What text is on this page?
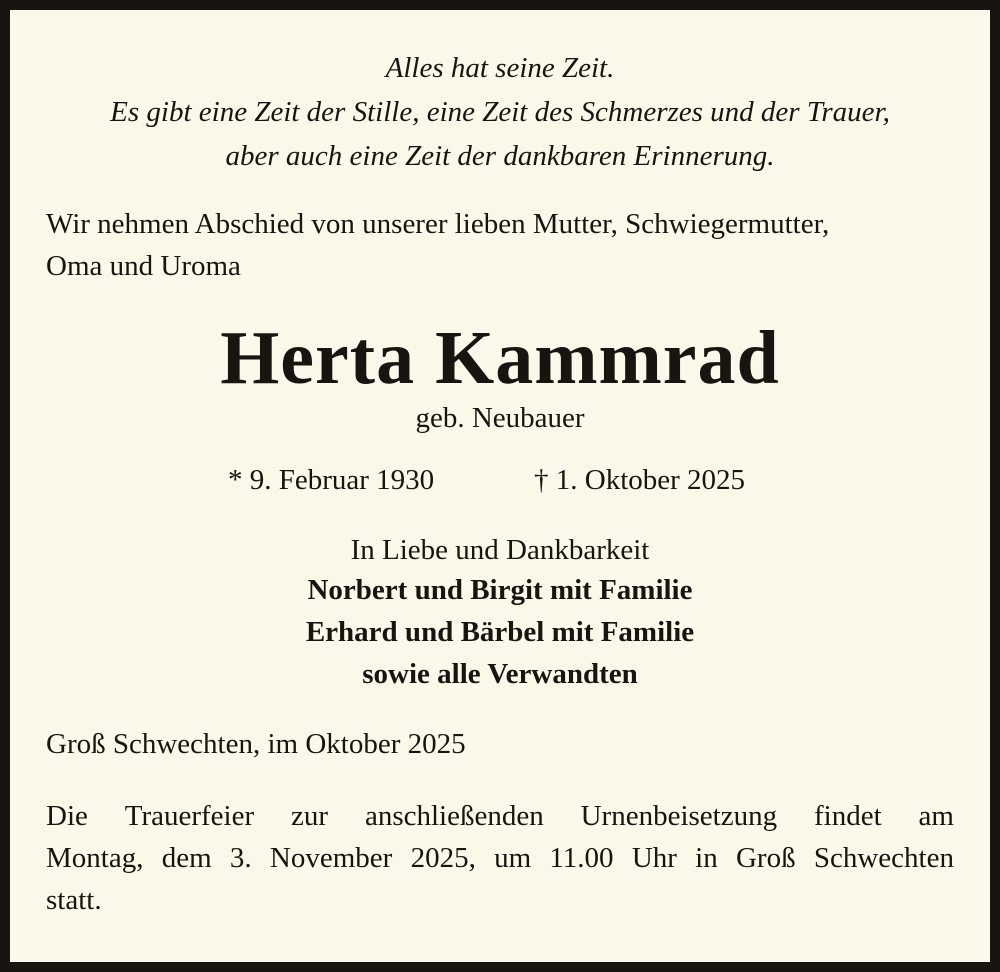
Alles hat seine Zeit.
Es gibt eine Zeit der Stille, eine Zeit des Schmerzes und der Trauer,
aber auch eine Zeit der dankbaren Erinnerung.
Wir nehmen Abschied von unserer lieben Mutter, Schwiegermutter,
Oma und Uroma
Herta Kammrad
geb. Neubauer
* 9. Februar 1930	† 1. Oktober 2025
In Liebe und Dankbarkeit
Norbert und Birgit mit Familie
Erhard und Bärbel mit Familie
sowie alle Verwandten
Groß Schwechten, im Oktober 2025
Die Trauerfeier zur anschließenden Urnenbeisetzung findet am
Montag, dem 3. November 2025, um 11.00 Uhr in Groß Schwechten
statt.
